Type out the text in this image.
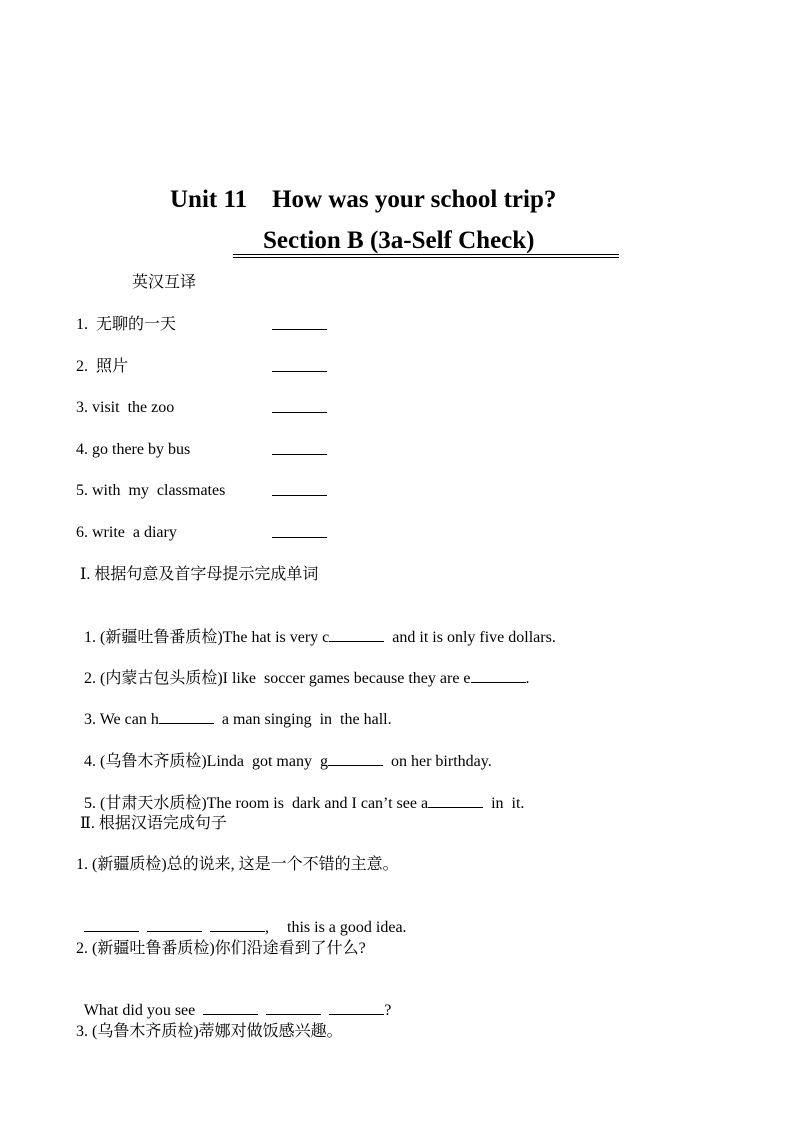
Unit 11    How was your school trip?
Section B (3a-Self Check)
英汉互译
1.  无聊的一天
2.  照片
3. visit  the zoo
4. go there by bus
5. with  my  classmates
6. write  a diary
Ⅰ. 根据句意及首字母提示完成单词

1. (新疆吐鲁番质检)The hat is very c	and it is only five dollars.

2. (内蒙古包头质检)I like  soccer games because they are e	.

3. We can h	a man singing  in  the hall.

4. (乌鲁木齐质检)Linda  got many  g	on her birthday.

5. (甘肃天水质检)The room is  dark and I can’t see a	in  it.

Ⅱ. 根据汉语完成句子
1. (新疆质检)总的说来, 这是一个不错的主意。

, this is a good idea.

2. (新疆吐鲁番质检)你们沿途看到了什么?

What did you see	?

3. (乌鲁木齐质检)蒂娜对做饭感兴趣。
